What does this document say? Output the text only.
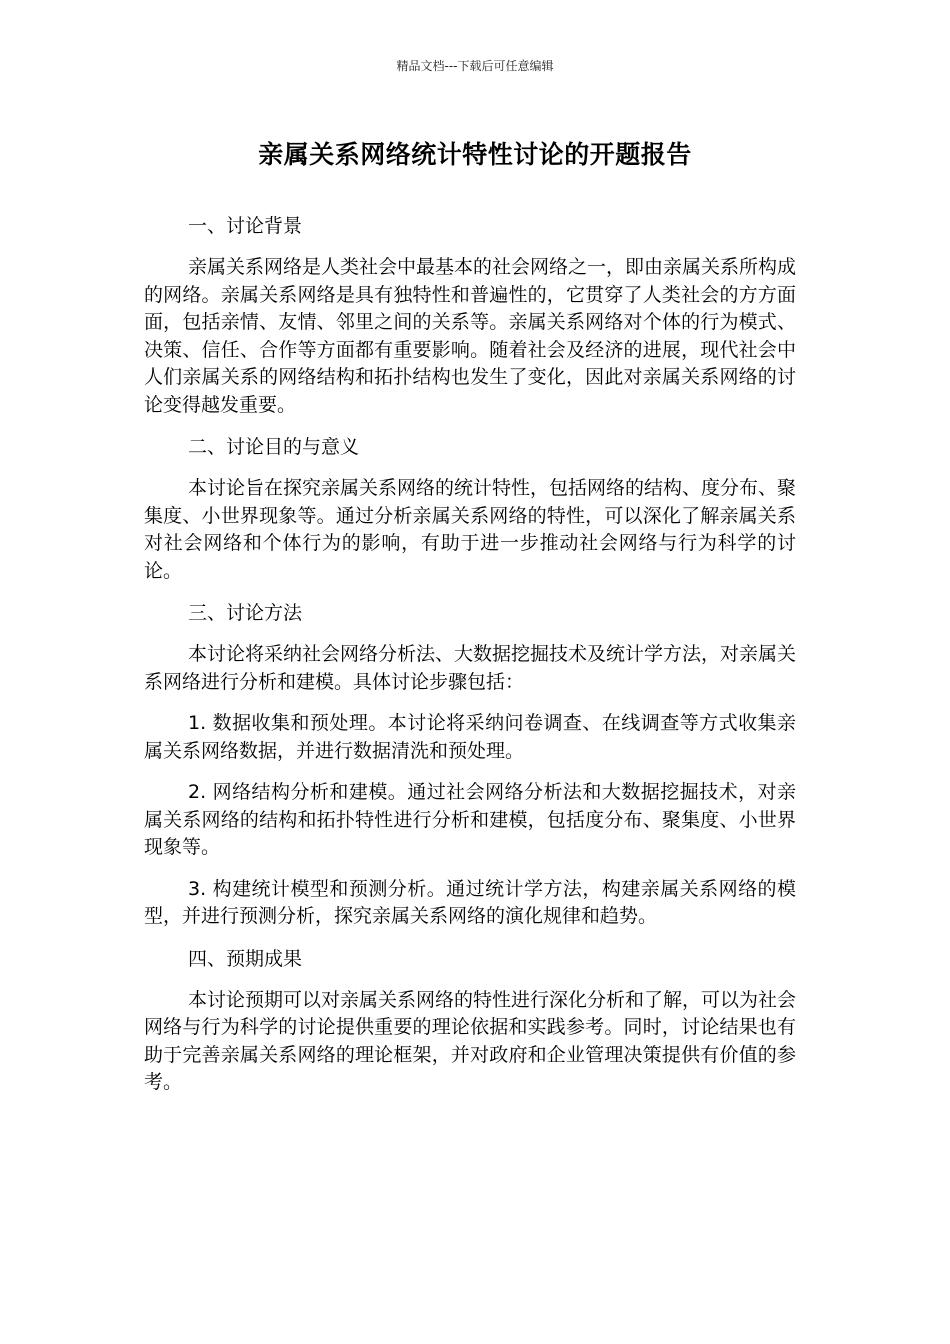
精品文档---下载后可任意编辑
亲属关系网络统计特性讨论的开题报告
一、讨论背景

亲属关系网络是人类社会中最基本的社会网络之一，即由亲属关系所构成的网络。亲属关系网络是具有独特性和普遍性的，它贯穿了人类社会的方方面面，包括亲情、友情、邻里之间的关系等。亲属关系网络对个体的行为模式、决策、信任、合作等方面都有重要影响。随着社会及经济的进展，现代社会中人们亲属关系的网络结构和拓扑结构也发生了变化，因此对亲属关系网络的讨论变得越发重要。

二、讨论目的与意义

本讨论旨在探究亲属关系网络的统计特性，包括网络的结构、度分布、聚集度、小世界现象等。通过分析亲属关系网络的特性，可以深化了解亲属关系对社会网络和个体行为的影响，有助于进一步推动社会网络与行为科学的讨论。

三、讨论方法

本讨论将采纳社会网络分析法、大数据挖掘技术及统计学方法，对亲属关系网络进行分析和建模。具体讨论步骤包括：

1. 数据收集和预处理。本讨论将采纳问卷调查、在线调查等方式收集亲属关系网络数据，并进行数据清洗和预处理。

2. 网络结构分析和建模。通过社会网络分析法和大数据挖掘技术，对亲属关系网络的结构和拓扑特性进行分析和建模，包括度分布、聚集度、小世界现象等。

3. 构建统计模型和预测分析。通过统计学方法，构建亲属关系网络的模型，并进行预测分析，探究亲属关系网络的演化规律和趋势。

四、预期成果

本讨论预期可以对亲属关系网络的特性进行深化分析和了解，可以为社会网络与行为科学的讨论提供重要的理论依据和实践参考。同时，讨论结果也有助于完善亲属关系网络的理论框架，并对政府和企业管理决策提供有价值的参考。
